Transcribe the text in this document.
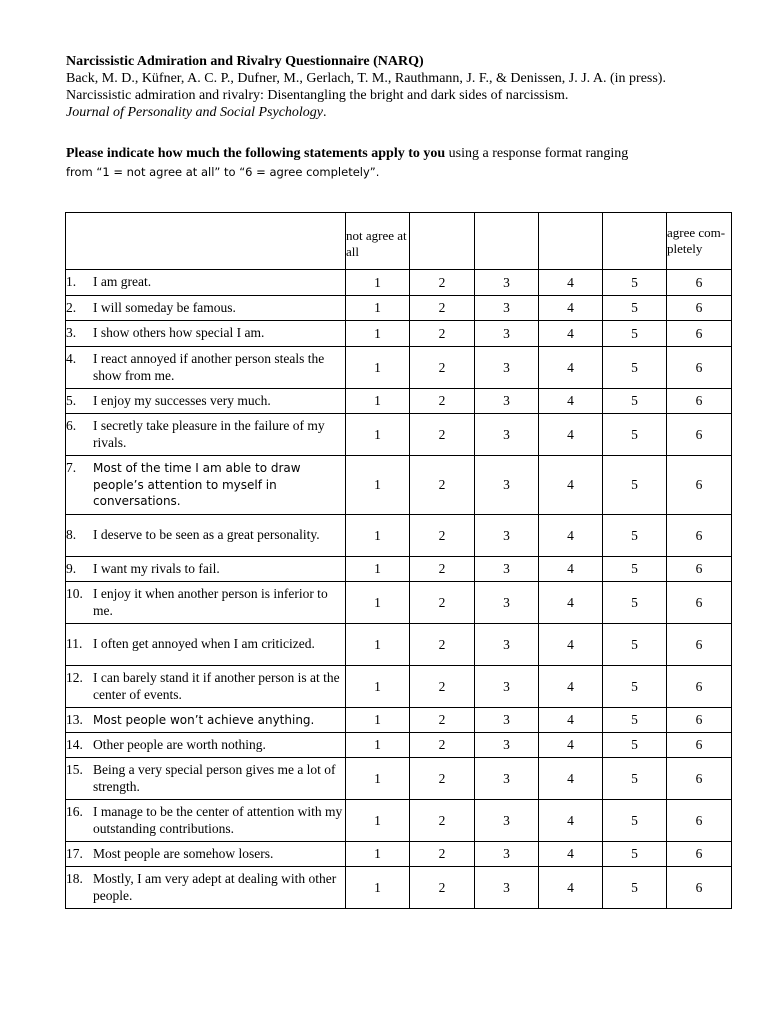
Narcissistic Admiration and Rivalry Questionnaire (NARQ)
Back, M. D., Küfner, A. C. P., Dufner, M., Gerlach, T. M., Rauthmann, J. F., & Denissen, J. J. A. (in press). Narcissistic admiration and rivalry: Disentangling the bright and dark sides of narcissism.
Journal of Personality and Social Psychology.
Please indicate how much the following statements apply to you using a response format ranging
from “1 = not agree at all” to “6 = agree completely”.
	not agree at all					agree com-pletely

1. I am great.	1	2	3	4	5	6

2. I will someday be famous.	1	2	3	4	5	6

3. I show others how special I am.	1	2	3	4	5	6

4. I react annoyed if another person steals the show from me.	1	2	3	4	5	6

5. I enjoy my successes very much.	1	2	3	4	5	6

6. I secretly take pleasure in the failure of my rivals.	1	2	3	4	5	6

7. Most of the time I am able to draw people’s attention to myself in conversations.	1	2	3	4	5	6

8. I deserve to be seen as a great personality.	1	2	3	4	5	6

9. I want my rivals to fail.	1	2	3	4	5	6

10. I enjoy it when another person is inferior to me.	1	2	3	4	5	6

11. I often get annoyed when I am criticized.	1	2	3	4	5	6

12. I can barely stand it if another person is at the center of events.	1	2	3	4	5	6

13. Most people won’t achieve anything.	1	2	3	4	5	6

14. Other people are worth nothing.	1	2	3	4	5	6

15. Being a very special person gives me a lot of strength.	1	2	3	4	5	6

16. I manage to be the center of attention with my outstanding contributions.	1	2	3	4	5	6

17. Most people are somehow losers.	1	2	3	4	5	6

18. Mostly, I am very adept at dealing with other people.	1	2	3	4	5	6
